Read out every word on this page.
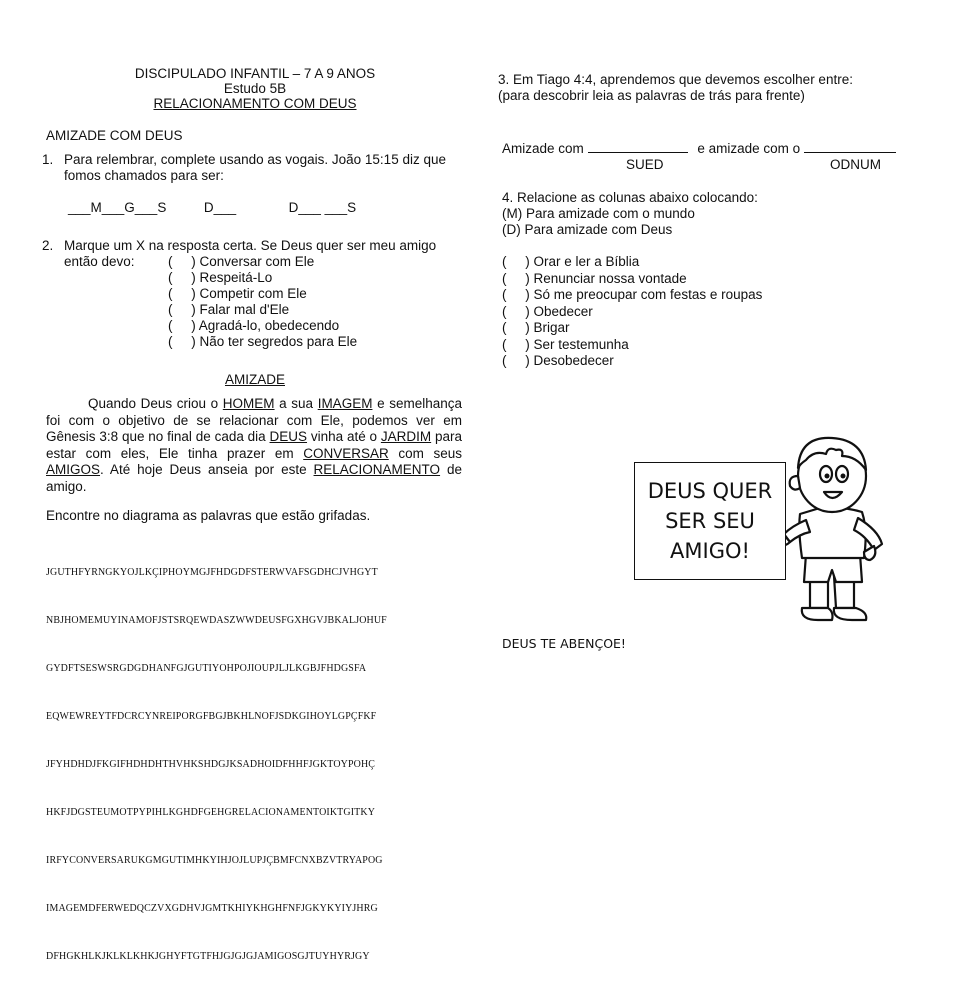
DISCIPULADO INFANTIL – 7 A 9 ANOS
Estudo 5B
RELACIONAMENTO COM DEUS
AMIZADE COM DEUS
1. Para relembrar, complete usando as vogais. João 15:15 diz que fomos chamados para ser:
___M___G___S          D___              D___ ___S
2. Marque um X na resposta certa. Se Deus quer ser meu amigo
então devo:	(     ) Conversar com Ele
(     ) Respeitá-Lo
(     ) Competir com Ele
(     ) Falar mal d'Ele
(     ) Agradá-lo, obedecendo
(     ) Não ter segredos para Ele
AMIZADE
Quando Deus criou o HOMEM a sua IMAGEM e semelhança foi com o objetivo de se relacionar com Ele, podemos ver em Gênesis 3:8 que no final de cada dia DEUS vinha até o JARDIM para estar com eles, Ele tinha prazer em CONVERSAR com seus AMIGOS. Até hoje Deus anseia por este RELACIONAMENTO de amigo.
Encontre no diagrama as palavras que estão grifadas.

JGUTHFYRNGKYOJLKÇIPHOYMGJFHDGDFSTERWVAFSGDHCJVHGYT

NBJHOMEMUYINAMOFJSTSRQEWDASZWWDEUSFGXHGVJBKALJOHUF

GYDFTSESWSRGDGDHANFGJGUTIYOHPOJIOUPJLJLKGBJFHDGSFA

EQWEWREYTFDCRCYNREIPORGFBGJBKHLNOFJSDKGIHOYLGPÇFKF

JFYHDHDJFKGIFHDHDHTHVHKSHDGJKSADHOIDFHHFJGKTOYPOHÇ

HKFJDGSTEUMOTPYPIHLKGHDFGEHGRELACIONAMENTOIKTGITKY

IRFYCONVERSARUKGMGUTIMHKYIHJOJLUPJÇBMFCNXBZVTRYAPOG

IMAGEMDFERWEDQCZVXGDHVJGMTKHIYKHGHFNFJGKYKYIYJHRG

DFHGKHLKJKLKLKHKJGHYFTGTFHJGJGJGJAMIGOSGJTUYHYRJGY

3. Em Tiago 4:4, aprendemos que devemos escolher entre:
(para descobrir leia as palavras de trás para frente)
Amizade com	e amizade com o
SUED	ODNUM
4. Relacione as colunas abaixo colocando:
(M) Para amizade com o mundo
(D) Para amizade com Deus
(     ) Orar e ler a Bíblia
(     ) Renunciar nossa vontade
(     ) Só me preocupar com festas e roupas
(     ) Obedecer
(     ) Brigar
(     ) Ser testemunha
(     ) Desobedecer
DEUS TE ABENÇOE!
DEUS QUER
SER SEU
AMIGO!
